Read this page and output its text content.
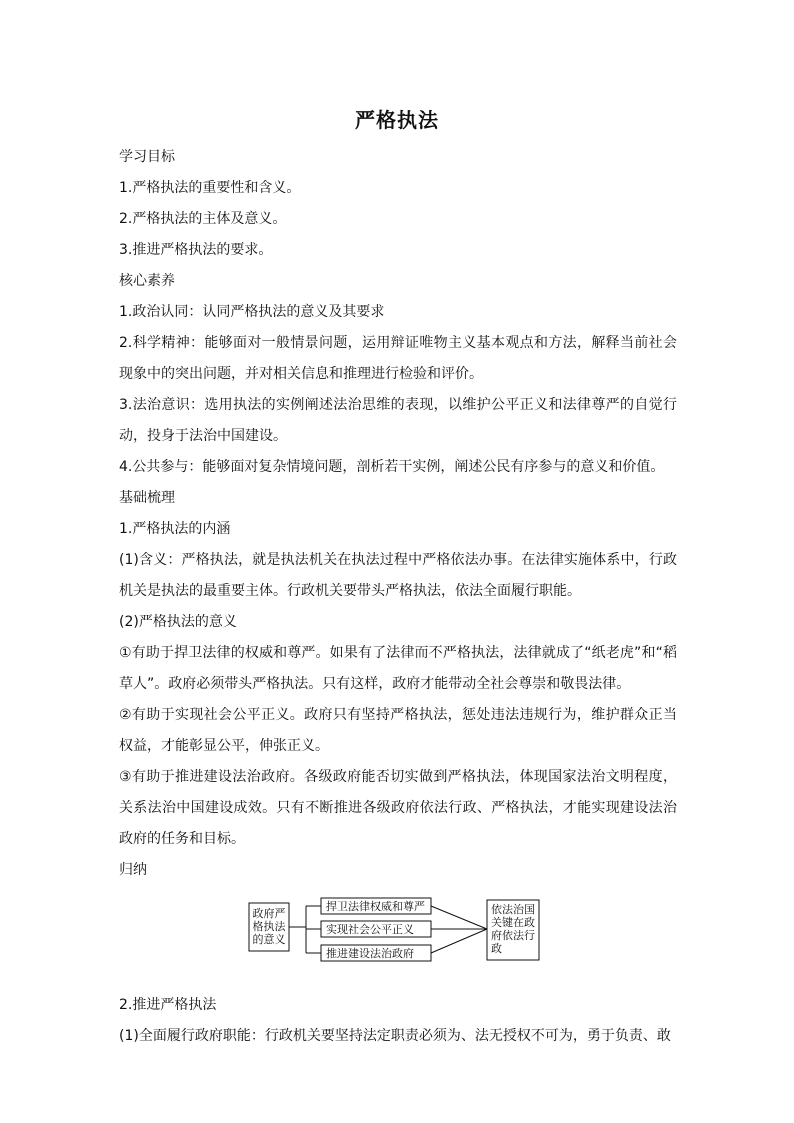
严格执法

学习目标

1.严格执法的重要性和含义。

2.严格执法的主体及意义。

3.推进严格执法的要求。

核心素养

1.政治认同：认同严格执法的意义及其要求

2.科学精神：能够面对一般情景问题，运用辩证唯物主义基本观点和方法，解释当前社会现象中的突出问题，并对相关信息和推理进行检验和评价。

3.法治意识：选用执法的实例阐述法治思维的表现，以维护公平正义和法律尊严的自觉行动，投身于法治中国建设。

4.公共参与：能够面对复杂情境问题，剖析若干实例，阐述公民有序参与的意义和价值。

基础梳理

1.严格执法的内涵

(1)含义：严格执法，就是执法机关在执法过程中严格依法办事。在法律实施体系中，行政机关是执法的最重要主体。行政机关要带头严格执法，依法全面履行职能。

(2)严格执法的意义

①有助于捍卫法律的权威和尊严。如果有了法律而不严格执法，法律就成了“纸老虎”和“稻草人”。政府必须带头严格执法。只有这样，政府才能带动全社会尊崇和敬畏法律。

②有助于实现社会公平正义。政府只有坚持严格执法，惩处违法违规行为，维护群众正当权益，才能彰显公平，伸张正义。

③有助于推进建设法治政府。各级政府能否切实做到严格执法，体现国家法治文明程度，关系法治中国建设成效。只有不断推进各级政府依法行政、严格执法，才能实现建设法治政府的任务和目标。

归纳

政府严
格执法
的意义
捍卫法律权威和尊严
实现社会公平正义
推进建设法治政府
依法治国
关键在政
府依法行
政

2.推进严格执法

(1)全面履行政府职能：行政机关要坚持法定职责必须为、法无授权不可为，勇于负责、敢
